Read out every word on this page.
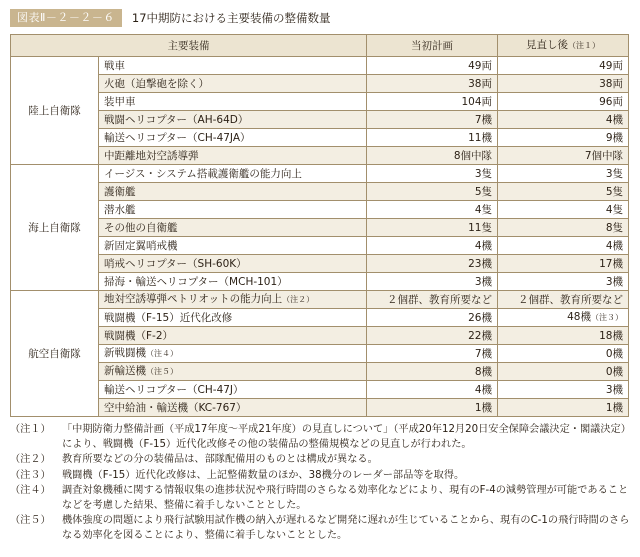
図表Ⅱ－２－２－６	17中期防における主要装備の整備数量
主要装備		当初計画	見直し後（注１）
陸上自衛隊	戦車	49両	49両
	火砲（迫撃砲を除く）	38両	38両
	装甲車	104両	96両
	戦闘ヘリコプター（AH-64D）	7機	4機
	輸送ヘリコプター（CH-47JA）	11機	9機
	中距離地対空誘導弾	8個中隊	7個中隊
海上自衛隊	イージス・システム搭載護衛艦の能力向上	3隻	3隻
	護衛艦	5隻	5隻
	潜水艦	4隻	4隻
	その他の自衛艦	11隻	8隻
	新固定翼哨戒機	4機	4機
	哨戒ヘリコプター（SH-60K）	23機	17機
	掃海・輸送ヘリコプター（MCH-101）	3機	3機
航空自衛隊	地対空誘導弾ペトリオットの能力向上（注２）	２個群、教育所要など	２個群、教育所要など
	戦闘機（F-15）近代化改修	26機	48機（注３）
	戦闘機（F-2）	22機	18機
	新戦闘機（注４）	7機	0機
	新輸送機（注５）	8機	0機
	輸送ヘリコプター（CH-47J）	4機	3機
	空中給油・輸送機（KC-767）	1機	1機
（注１）	「中期防衛力整備計画（平成17年度～平成21年度）の見直しについて」（平成20年12月20日安全保障会議決定・閣議決定）により、戦闘機（F-15）近代化改修その他の装備品の整備規模などの見直しが行われた。
（注２）	教育所要などの分の装備品は、部隊配備用のものとは構成が異なる。
（注３）	戦闘機（F-15）近代化改修は、上記整備数量のほか、38機分のレーダー部品等を取得。
（注４）	調査対象機種に関する情報収集の進捗状況や飛行時間のさらなる効率化などにより、現有のF-4の減勢管理が可能であることなどを考慮した結果、整備に着手しないこととした。
（注５）	機体強度の問題により飛行試験用試作機の納入が遅れるなど開発に遅れが生じていることから、現有のC-1の飛行時間のさらなる効率化を図ることにより、整備に着手しないこととした。
